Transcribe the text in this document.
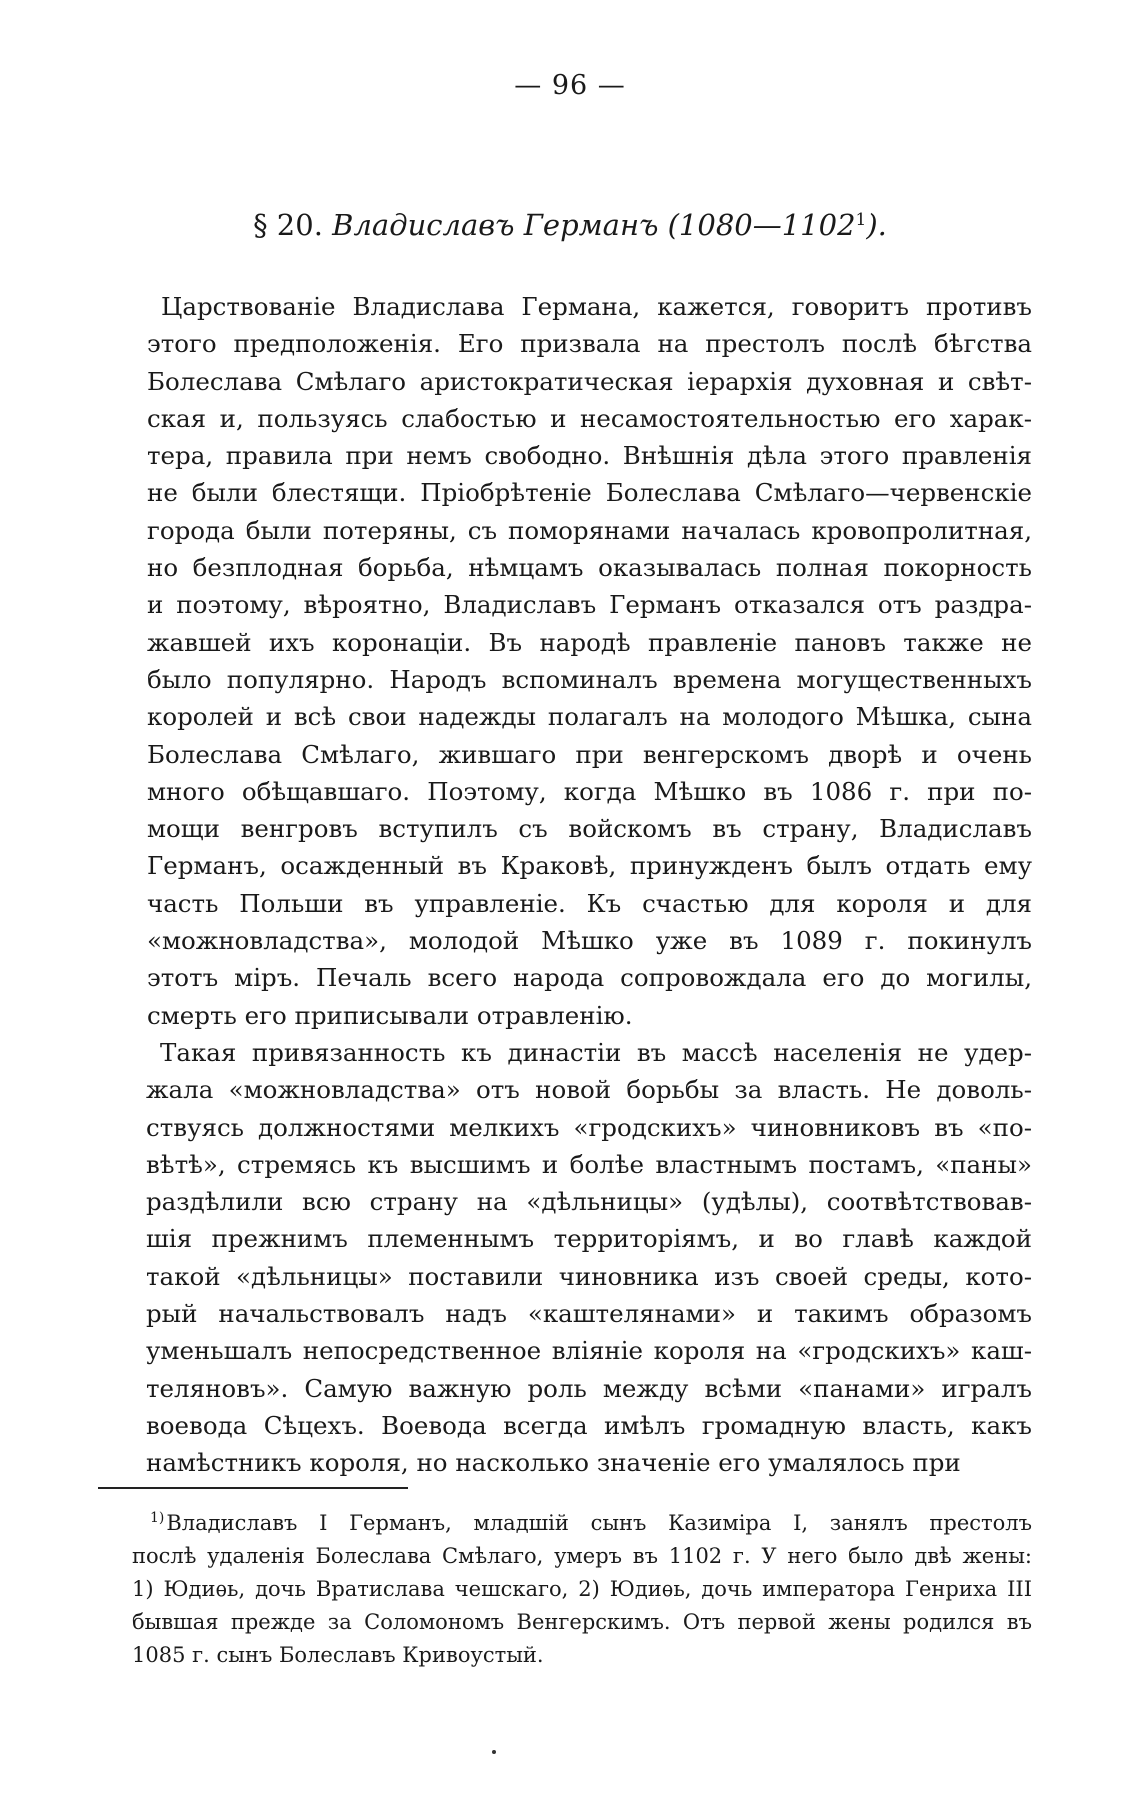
— 96 —
§ 20. Владиславъ Германъ (1080—1102$^1$).
Царствованіе Владислава Германа, кажется, говоритъ противъ
этого предположенія. Его призвала на престолъ послѣ бѣгства
Болеслава Смѣлаго аристократическая іерархія духовная и свѣт-
ская и, пользуясь слабостью и несамостоятельностью его харак-
тера, правила при немъ свободно. Внѣшнія дѣла этого правленія
не были блестящи. Пріобрѣтеніе Болеслава Смѣлаго—червенскіе
города были потеряны, съ поморянами началась кровопролитная,
но безплодная борьба, нѣмцамъ оказывалась полная покорность
и поэтому, вѣроятно, Владиславъ Германъ отказался отъ раздра-
жавшей ихъ коронаціи. Въ народѣ правленіе пановъ также не
было популярно. Народъ вспоминалъ времена могущественныхъ
королей и всѣ свои надежды полагалъ на молодого Мѣшка, сына
Болеслава Смѣлаго, жившаго при венгерскомъ дворѣ и очень
много обѣщавшаго. Поэтому, когда Мѣшко въ 1086 г. при по-
мощи венгровъ вступилъ съ войскомъ въ страну, Владиславъ
Германъ, осажденный въ Краковѣ, принужденъ былъ отдать ему
часть Польши въ управленіе. Къ счастью для короля и для
«можновладства», молодой Мѣшко уже въ 1089 г. покинулъ
этотъ міръ. Печаль всего народа сопровождала его до могилы,
смерть его приписывали отравленію.
Такая привязанность къ династіи въ массѣ населенія не удер-
жала «можновладства» отъ новой борьбы за власть. Не доволь-
ствуясь должностями мелкихъ «гродскихъ» чиновниковъ въ «по-
вѣтѣ», стремясь къ высшимъ и болѣе властнымъ постамъ, «паны»
раздѣлили всю страну на «дѣльницы» (удѣлы), соотвѣтствовав-
шія прежнимъ племеннымъ территоріямъ, и во главѣ каждой
такой «дѣльницы» поставили чиновника изъ своей среды, кото-
рый начальствовалъ надъ «каштелянами» и такимъ образомъ
уменьшалъ непосредственное вліяніе короля на «гродскихъ» каш-
теляновъ». Самую важную роль между всѣми «панами» игралъ
воевода Сѣцехъ. Воевода всегда имѣлъ громадную власть, какъ
намѣстникъ короля, но насколько значеніе его умалялось при
$^{1)}$Владиславъ I Германъ, младшій сынъ Казиміра I, занялъ престолъ
послѣ удаленія Болеслава Смѣлаго, умеръ въ 1102 г. У него было двѣ жены:
1) Юдиѳь, дочь Вратислава чешскаго, 2) Юдиѳь, дочь императора Генриха III
бывшая прежде за Соломономъ Венгерскимъ. Отъ первой жены родился въ
1085 г. сынъ Болеславъ Кривоустый.
